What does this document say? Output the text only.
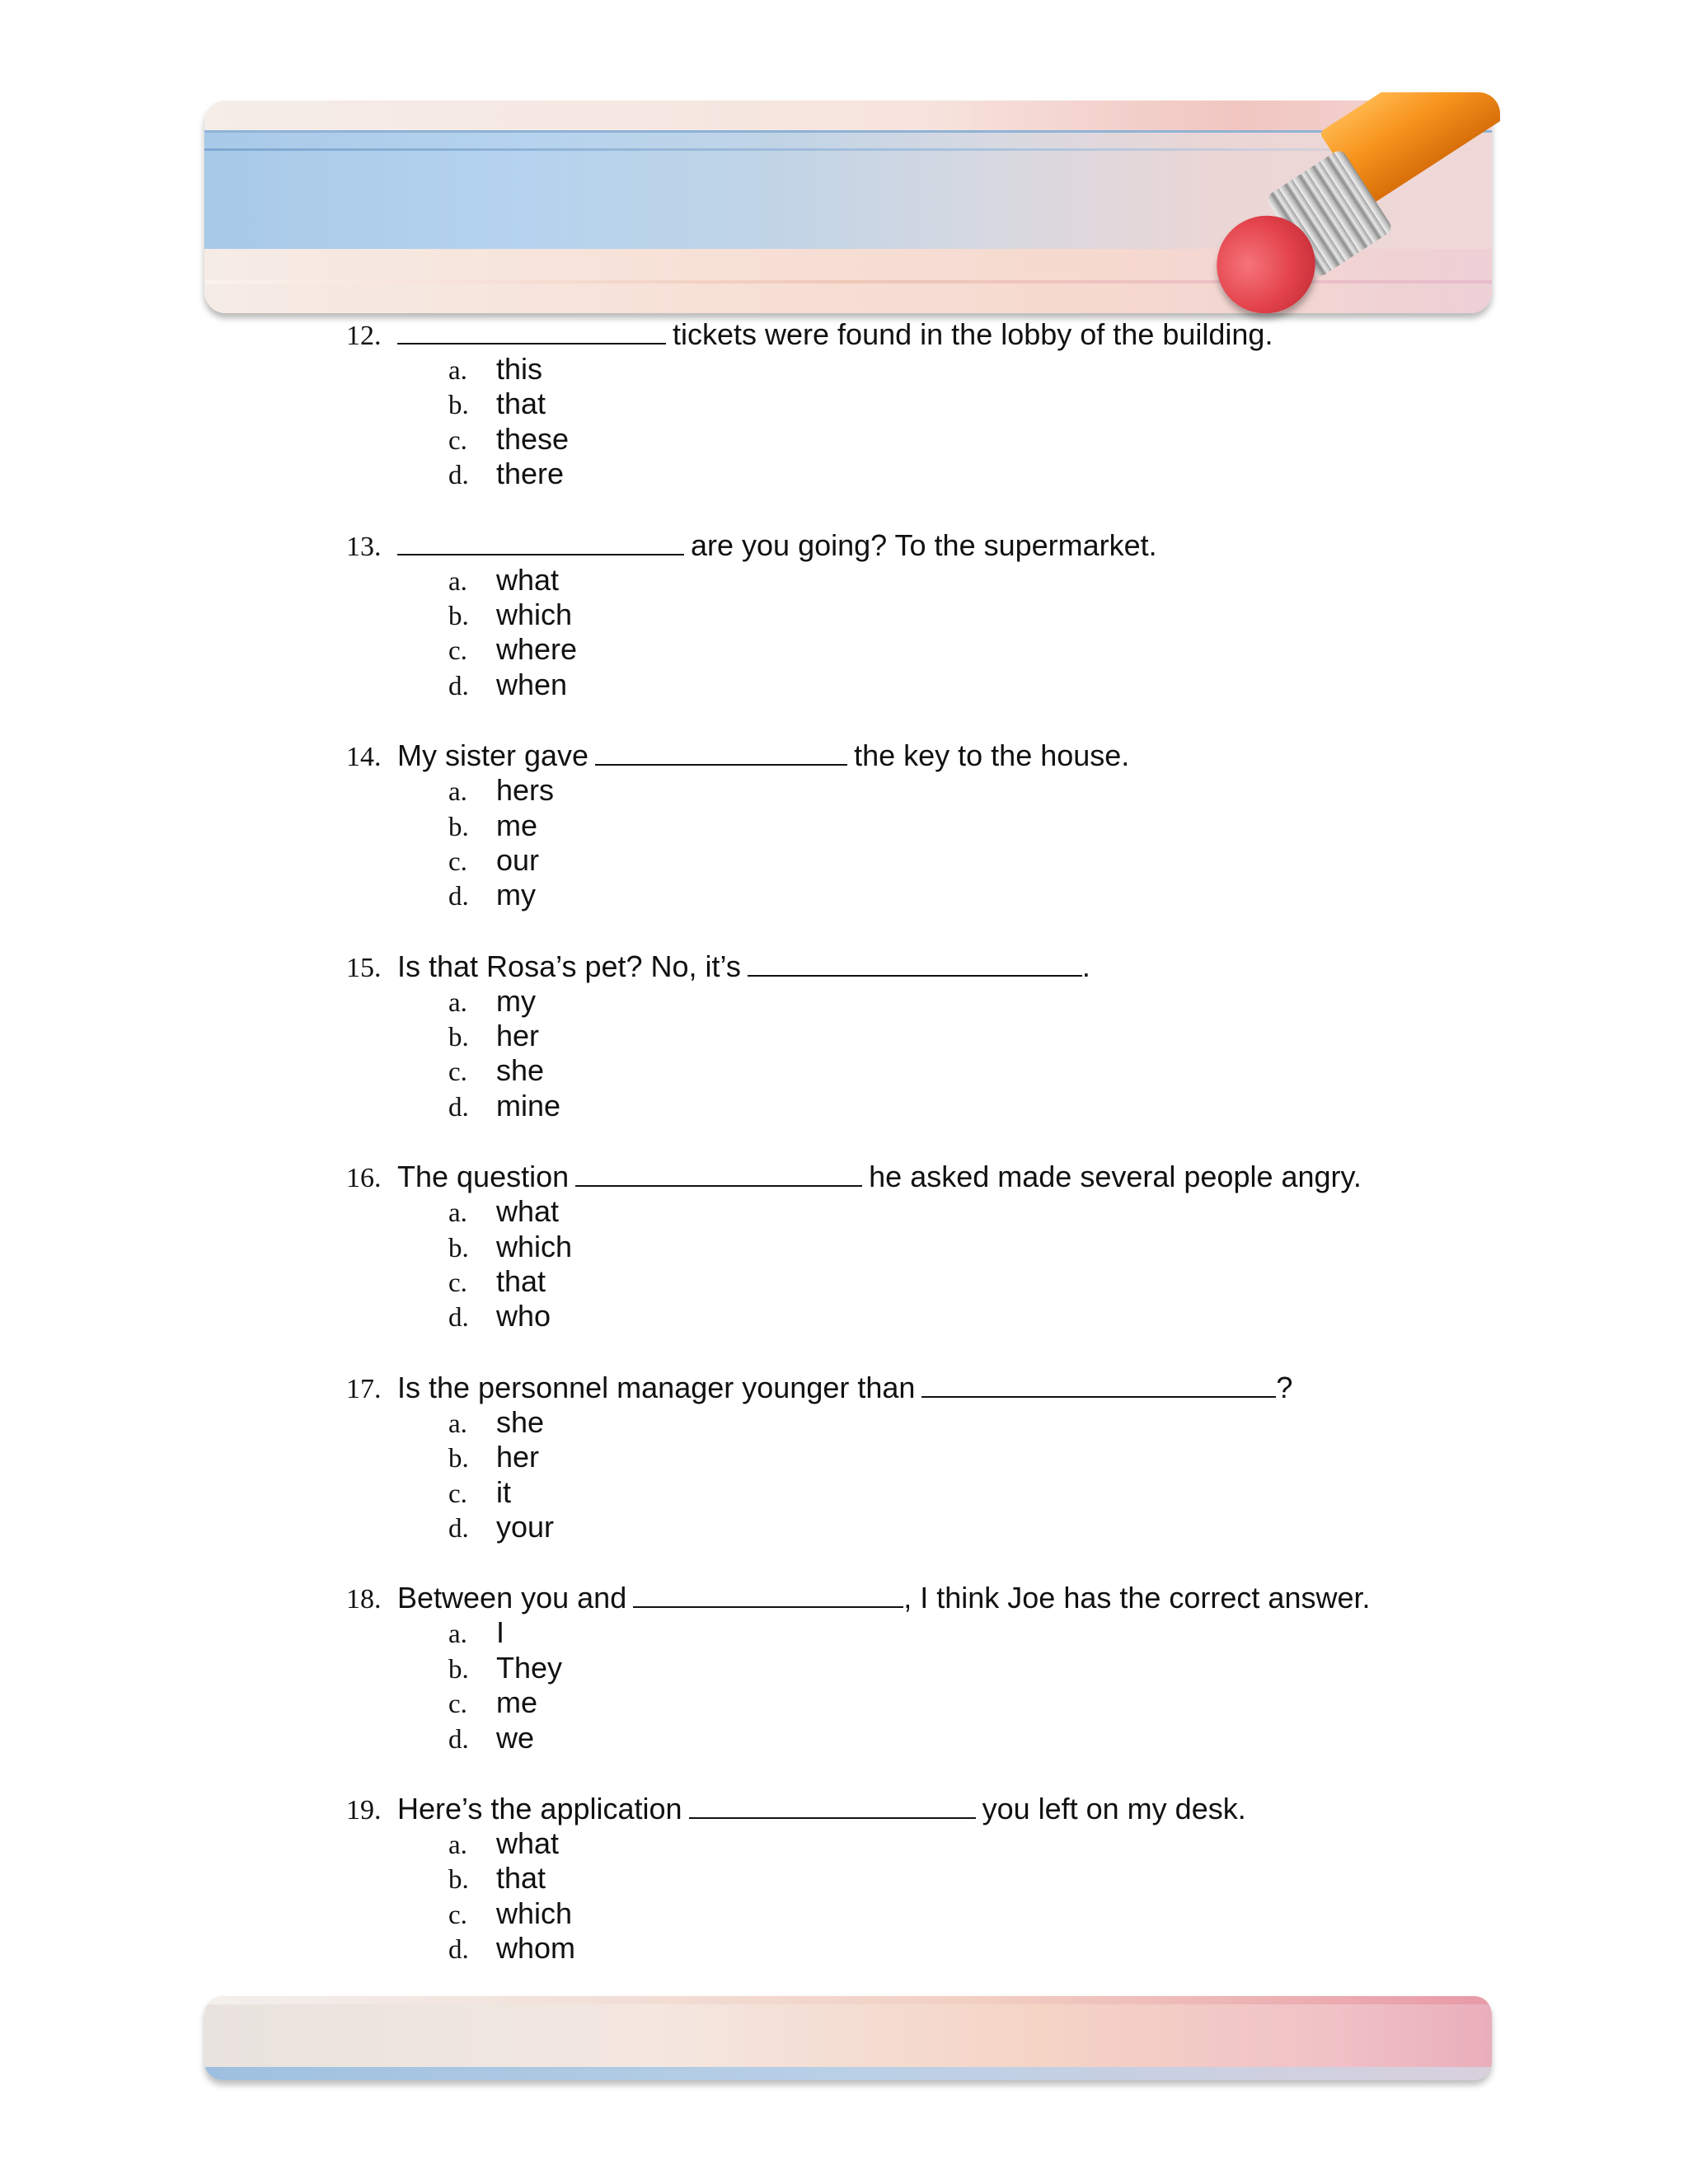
12.	tickets were found in the lobby of the building.
a. this
b. that
c. these
d. there
13.	are you going? To the supermarket.
a. what
b. which
c. where
d. when
14. My sister gave	the key to the house.
a. hers
b. me
c. our
d. my
15. Is that Rosa’s pet? No, it’s	.
a. my
b. her
c. she
d. mine
16. The question	he asked made several people angry.
a. what
b. which
c. that
d. who
17. Is the personnel manager younger than	?
a. she
b. her
c. it
d. your
18. Between you and	, I think Joe has the correct answer.
a. I
b. They
c. me
d. we
19. Here’s the application	you left on my desk.
a. what
b. that
c. which
d. whom
